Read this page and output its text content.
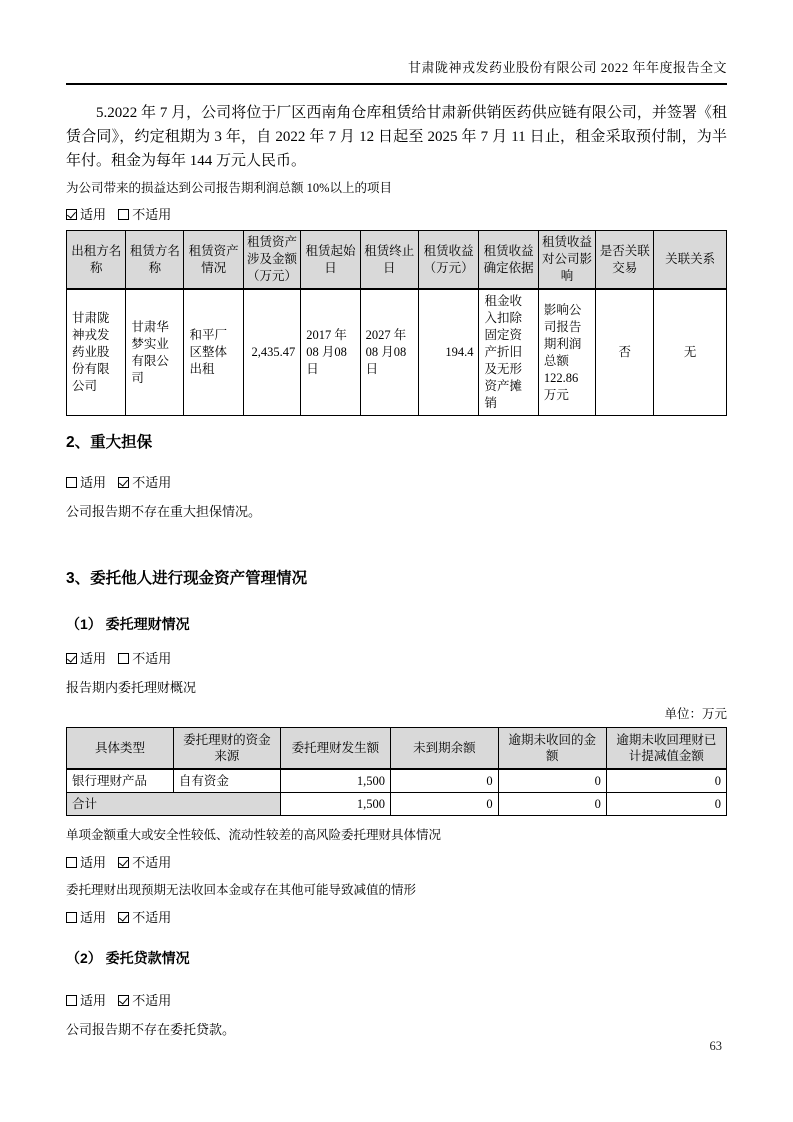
甘肃陇神戎发药业股份有限公司 2022 年年度报告全文

5.2022 年 7 月，公司将位于厂区西南角仓库租赁给甘肃新供销医药供应链有限公司，并签署《租赁合同》，约定租期为 3 年，自 2022 年 7 月 12 日起至 2025 年 7 月 11 日止，租金采取预付制，为半年付。租金为每年 144 万元人民币。

为公司带来的损益达到公司报告期利润总额 10%以上的项目
适用 不适用
出租方名称	租赁方名称	租赁资产情况	租赁资产涉及金额（万元）	租赁起始日	租赁终止日	租赁收益（万元）	租赁收益确定依据	租赁收益对公司影响	是否关联交易	关联关系
甘肃陇神戎发药业股份有限公司	甘肃华梦实业有限公司	和平厂区整体出租	2,435.47	2017 年08 月08 日	2027 年08 月08 日	194.4	租金收入扣除固定资产折旧及无形资产摊销	影响公司报告期利润总额 122.86 万元	否	无
2、重大担保
适用 不适用
公司报告期不存在重大担保情况。
3、委托他人进行现金资产管理情况
（1） 委托理财情况
适用 不适用
报告期内委托理财概况
单位：万元
具体类型	委托理财的资金来源	委托理财发生额	未到期余额	逾期未收回的金额	逾期未收回理财已计提减值金额
银行理财产品	自有资金	1,500	0	0	0
合计		1,500	0	0	0
单项金额重大或安全性较低、流动性较差的高风险委托理财具体情况
适用 不适用
委托理财出现预期无法收回本金或存在其他可能导致减值的情形
适用 不适用
（2） 委托贷款情况
适用 不适用
公司报告期不存在委托贷款。
63
